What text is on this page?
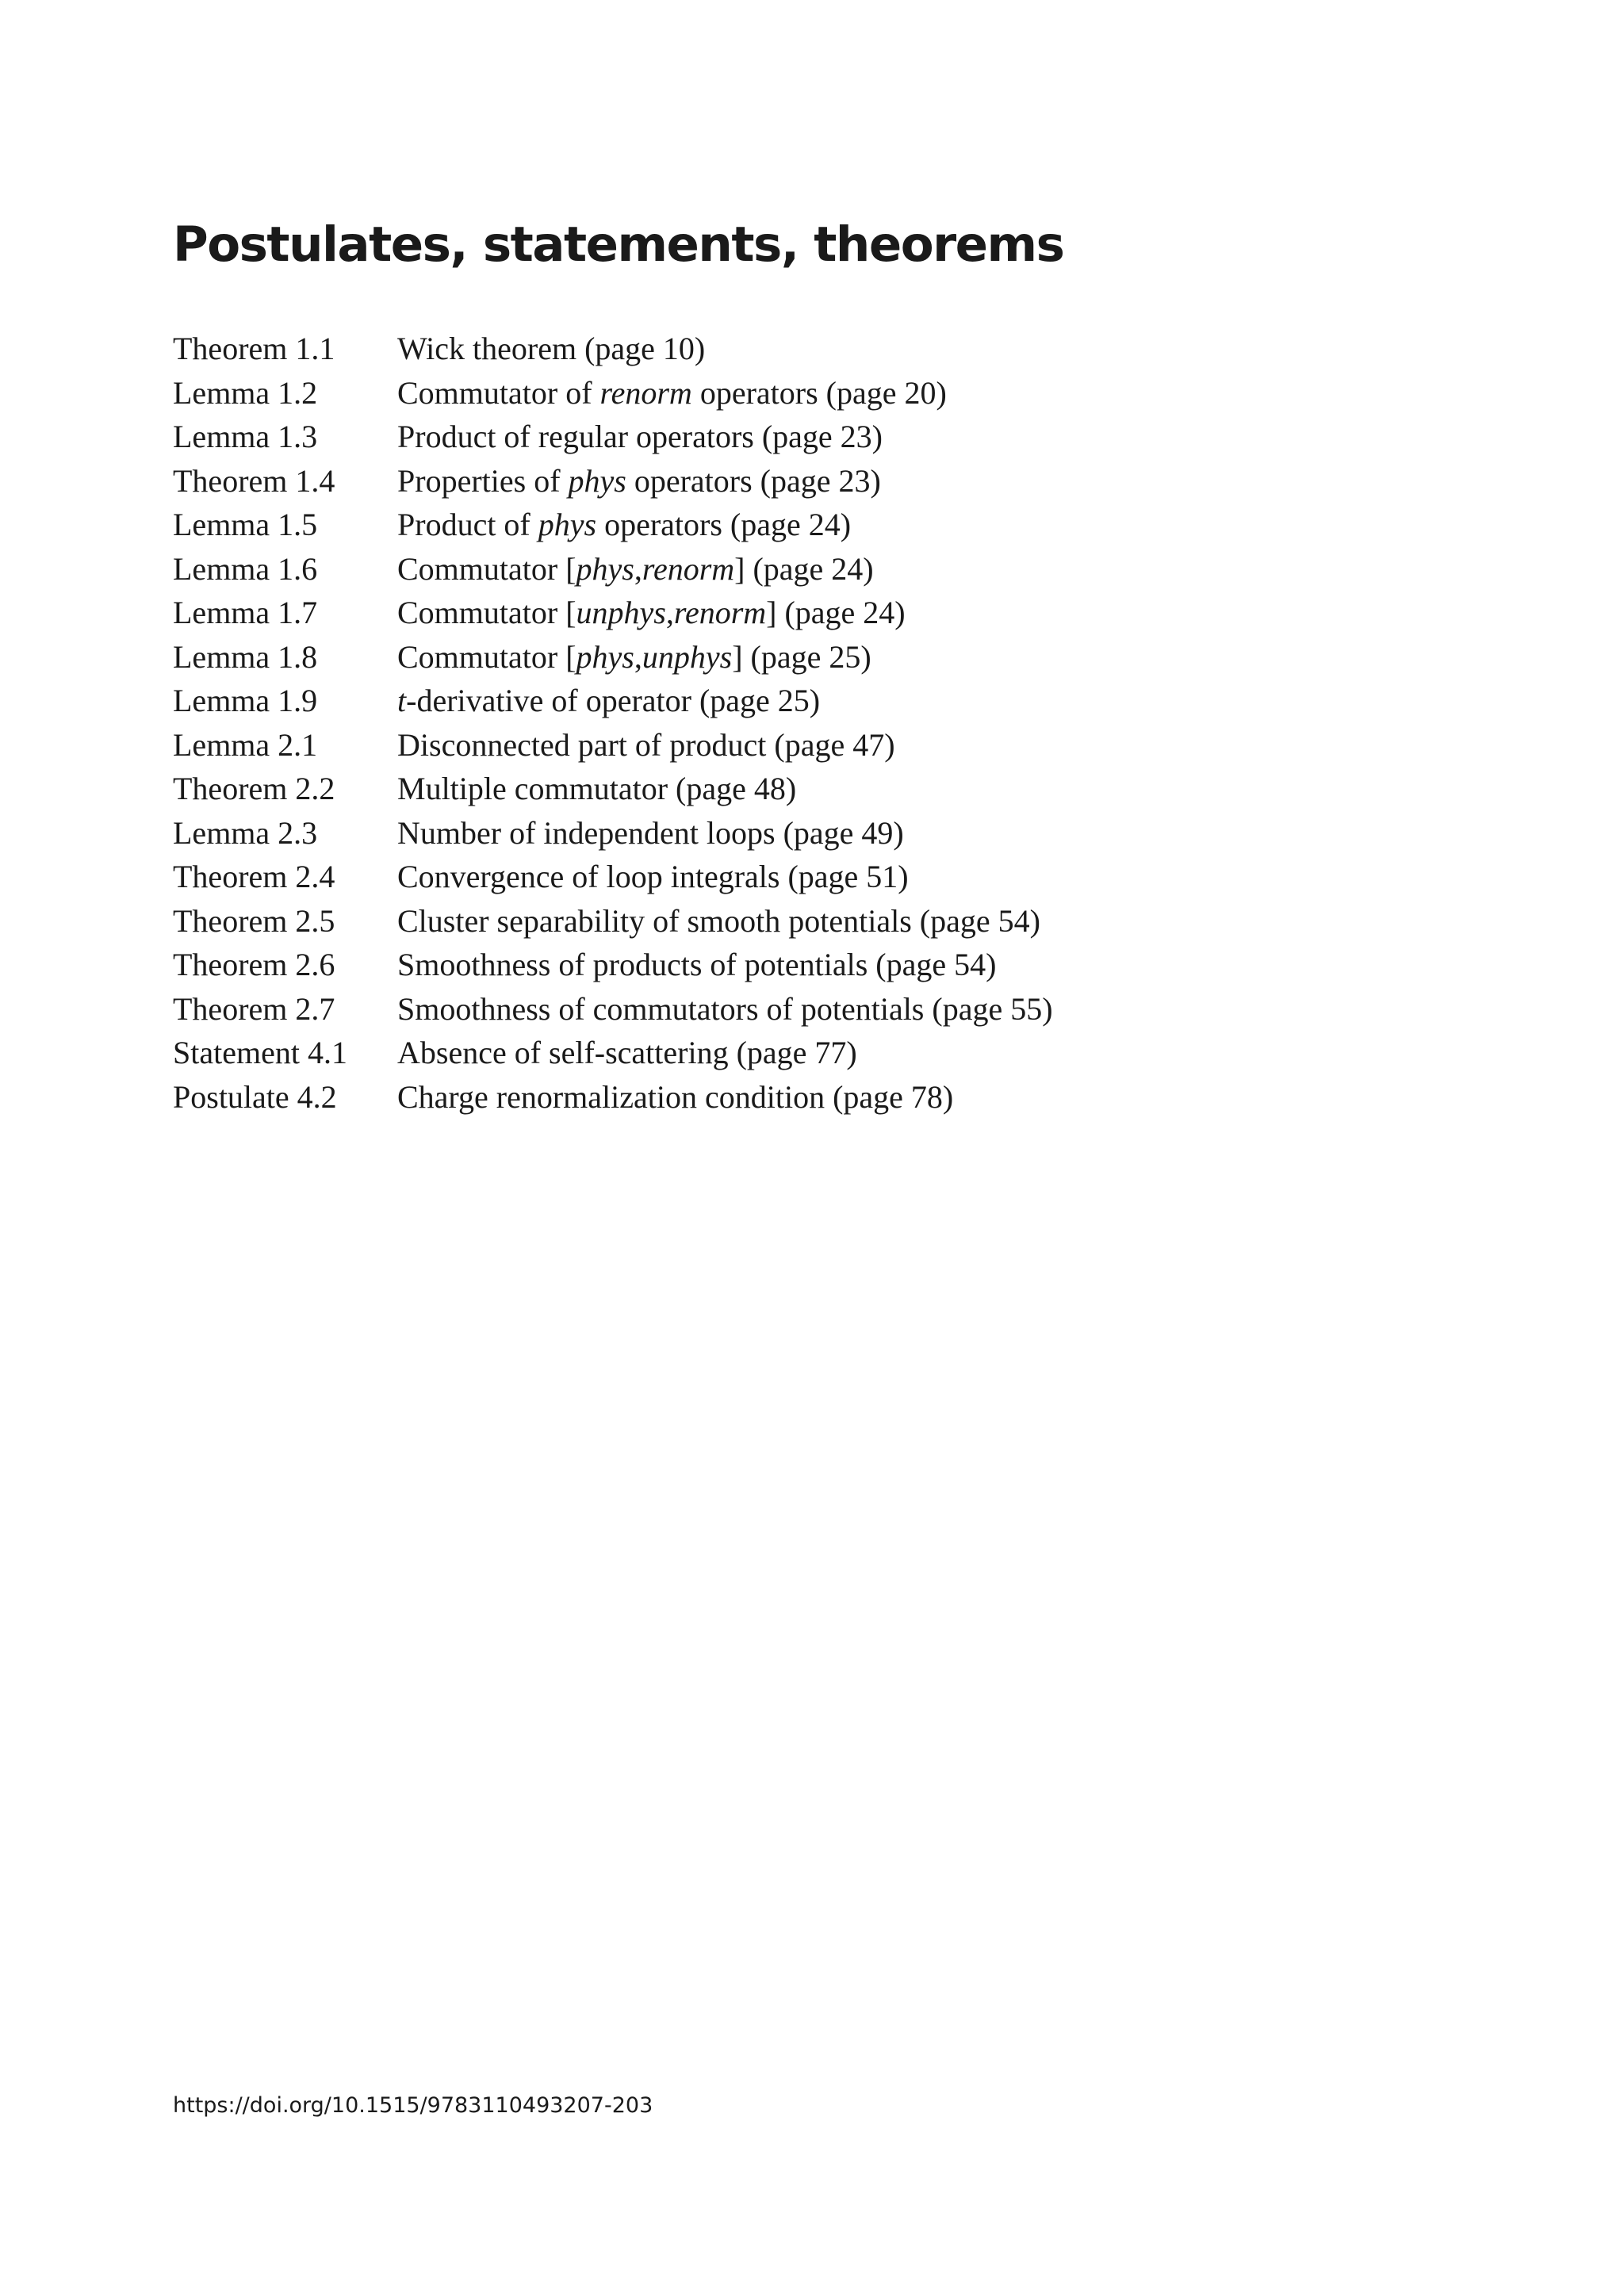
Postulates, statements, theorems
Theorem 1.1	Wick theorem (page 10)
Lemma 1.2	Commutator of renorm operators (page 20)
Lemma 1.3	Product of regular operators (page 23)
Theorem 1.4	Properties of phys operators (page 23)
Lemma 1.5	Product of phys operators (page 24)
Lemma 1.6	Commutator [phys,renorm] (page 24)
Lemma 1.7	Commutator [unphys,renorm] (page 24)
Lemma 1.8	Commutator [phys,unphys] (page 25)
Lemma 1.9	t-derivative of operator (page 25)
Lemma 2.1	Disconnected part of product (page 47)
Theorem 2.2	Multiple commutator (page 48)
Lemma 2.3	Number of independent loops (page 49)
Theorem 2.4	Convergence of loop integrals (page 51)
Theorem 2.5	Cluster separability of smooth potentials (page 54)
Theorem 2.6	Smoothness of products of potentials (page 54)
Theorem 2.7	Smoothness of commutators of potentials (page 55)
Statement 4.1	Absence of self-scattering (page 77)
Postulate 4.2	Charge renormalization condition (page 78)
https://doi.org/10.1515/9783110493207-203
